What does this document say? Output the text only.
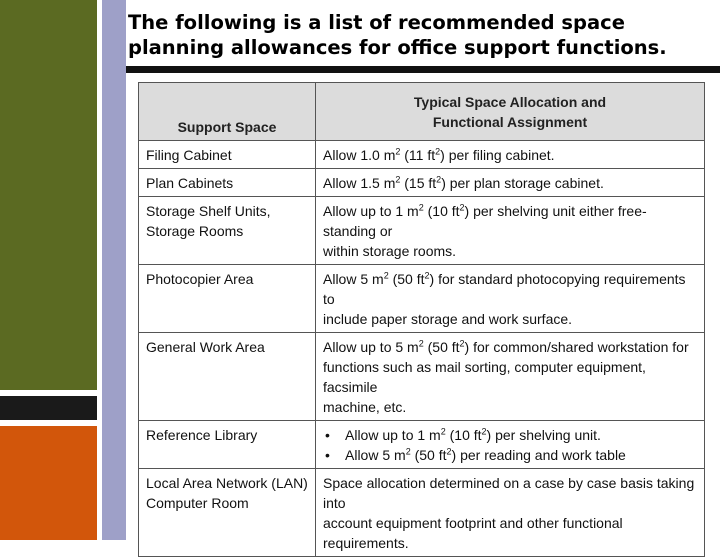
The following is a list of recommended space
planning allowances for office support functions.
Support Space	Typical Space Allocation and
Functional Assignment

Filing Cabinet	Allow 1.0 $m^2$ (11 $ft^2$) per filing cabinet.

Plan Cabinets	Allow 1.5 $m^2$ (15 $ft^2$) per plan storage cabinet.

Storage Shelf Units,
Storage Rooms	Allow up to 1 $m^2$ (10 $ft^2$) per shelving unit either free-standing or
within storage rooms.

Photocopier Area	Allow 5 $m^2$ (50 $ft^2$) for standard photocopying requirements to
include paper storage and work surface.

General Work Area	Allow up to 5 $m^2$ (50 $ft^2$) for common/shared workstation for
functions such as mail sorting, computer equipment, facsimile
machine, etc.

Reference Library	• Allow up to 1 $m^2$ (10 $ft^2$) per shelving unit.
• Allow 5 $m^2$ (50 $ft^2$) per reading and work table

Local Area Network (LAN)
Computer Room	Space allocation determined on a case by case basis taking into
account equipment footprint and other functional requirements.
